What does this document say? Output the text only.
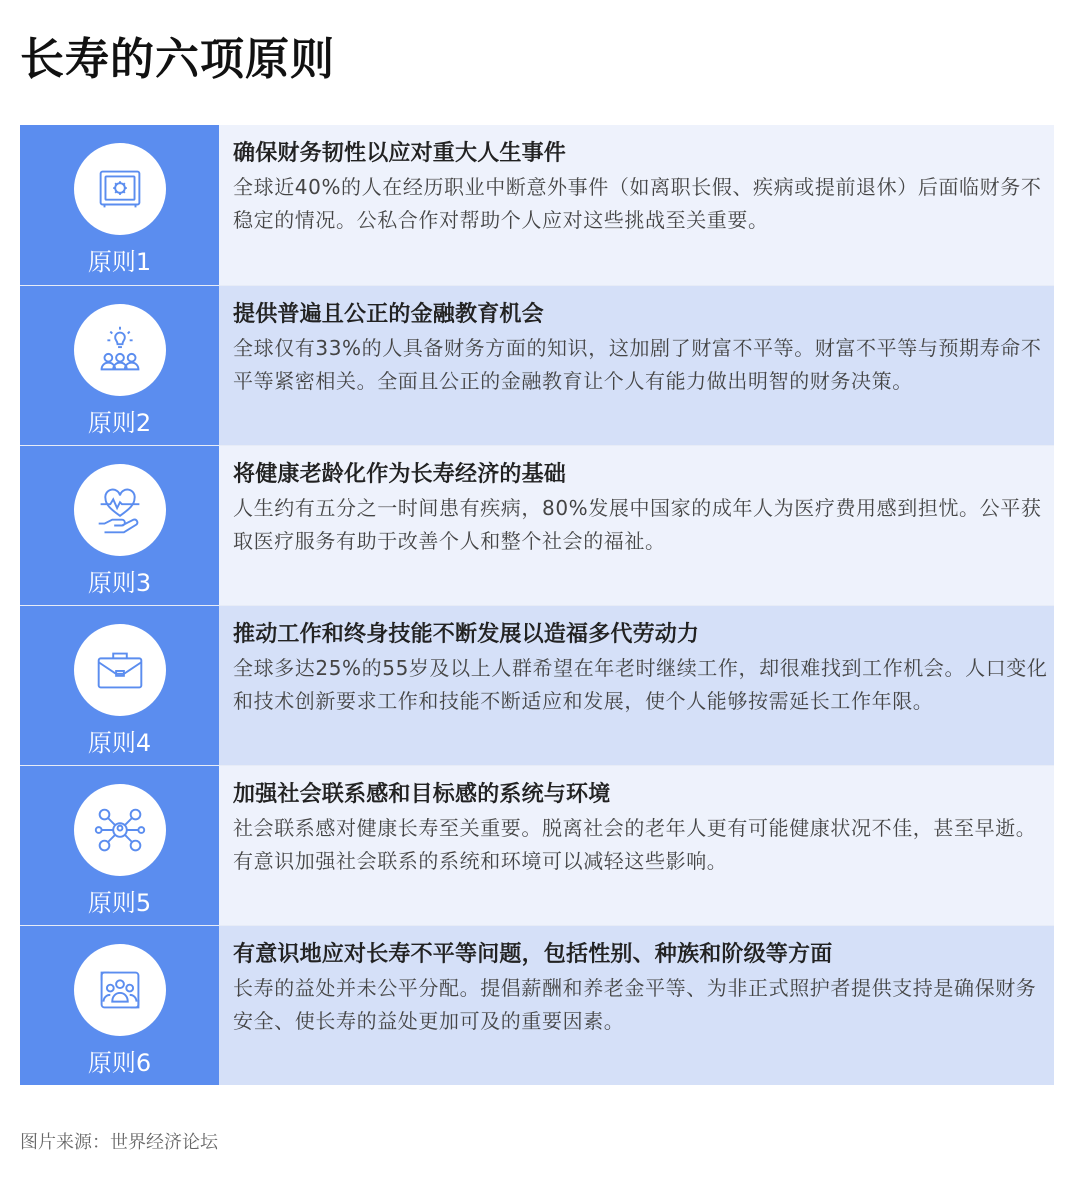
长寿的六项原则
原则1
确保财务韧性以应对重大人生事件
全球近40%的人在经历职业中断意外事件（如离职长假、疾病或提前退休）后面临财务不稳定的情况。公私合作对帮助个人应对这些挑战至关重要。
原则2
提供普遍且公正的金融教育机会
全球仅有33%的人具备财务方面的知识，这加剧了财富不平等。财富不平等与预期寿命不平等紧密相关。全面且公正的金融教育让个人有能力做出明智的财务决策。
原则3
将健康老龄化作为长寿经济的基础
人生约有五分之一时间患有疾病，80%发展中国家的成年人为医疗费用感到担忧。公平获取医疗服务有助于改善个人和整个社会的福祉。
原则4
推动工作和终身技能不断发展以造福多代劳动力
全球多达25%的55岁及以上人群希望在年老时继续工作，却很难找到工作机会。人口变化和技术创新要求工作和技能不断适应和发展，使个人能够按需延长工作年限。
原则5
加强社会联系感和目标感的系统与环境
社会联系感对健康长寿至关重要。脱离社会的老年人更有可能健康状况不佳，甚至早逝。有意识加强社会联系的系统和环境可以减轻这些影响。
原则6
有意识地应对长寿不平等问题，包括性别、种族和阶级等方面
长寿的益处并未公平分配。提倡薪酬和养老金平等、为非正式照护者提供支持是确保财务安全、使长寿的益处更加可及的重要因素。
图片来源：世界经济论坛
